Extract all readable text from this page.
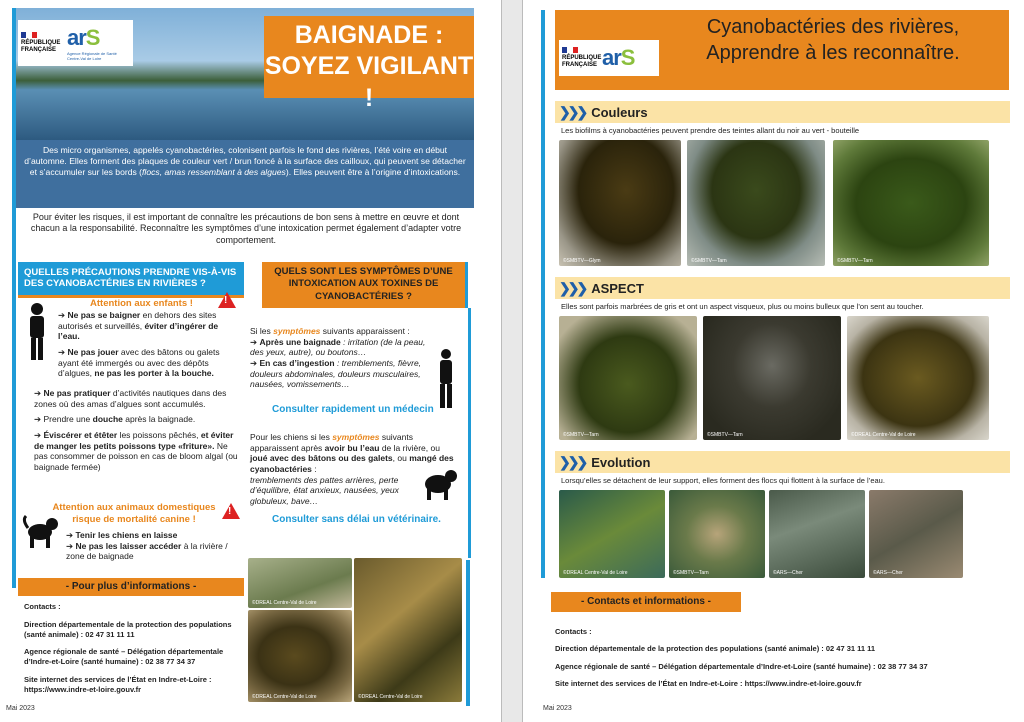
RÉPUBLIQUE FRANÇAISE arS
Agence Régionale de Santé Centre-Val de Loire
BAIGNADE :
SOYEZ VIGILANT !
Des micro organismes, appelés cyanobactéries, colonisent parfois le fond des rivières, l’été voire en début d’automne. Elles forment des plaques de couleur vert / brun foncé à la surface des cailloux, qui peuvent se détacher et s’accumuler sur les bords (flocs, amas ressemblant à des algues). Elles peuvent être à l’origine d’intoxications.
Pour éviter les risques, il est important de connaître les précautions de bon sens à mettre en œuvre et dont chacun a la responsabilité. Reconnaître les symptômes d’une intoxication permet également d’adapter votre comportement.
QUELLES PRÉCAUTIONS PRENDRE VIS-À-VIS DES CYANOBACTÉRIES EN RIVIÈRES ?
Attention aux enfants !
!
➔ Ne pas se baigner en dehors des sites autorisés et surveillés, éviter d’ingérer de l’eau.
➔ Ne pas jouer avec des bâtons ou galets ayant été immergés ou avec des dépôts d’algues, ne pas les porter à la bouche.
➔ Ne pas pratiquer d’activités nautiques dans des zones où des amas d’algues sont accumulés.
➔ Prendre une douche après la baignade.
➔ Éviscérer et étêter les poissons pêchés, et éviter de manger les petits poissons type «friture». Ne pas consommer de poisson en cas de bloom algal (ou baignade fermée)
Attention aux animaux domestiques risque de mortalité canine !
!
➔ Tenir les chiens en laisse
➔ Ne pas les laisser accéder à la rivière / zone de baignade
QUELS SONT LES SYMPTÔMES D’UNE INTOXICATION AUX TOXINES DE CYANOBACTÉRIES ?
Si les symptômes suivants apparaissent :
➔ Après une baignade : irritation (de la peau, des yeux, autre), ou boutons…
➔ En cas d’ingestion : tremblements, fièvre, douleurs abdominales, douleurs musculaires, nausées, vomissements…
Consulter rapidement un médecin
Pour les chiens si les symptômes suivants apparaissent après avoir bu l’eau de la rivière, ou joué avec des bâtons ou des galets, ou mangé des cyanobactéries :
tremblements des pattes arrières, perte d’équilibre, état anxieux, nausées, yeux globuleux, bave…
Consulter sans délai un vétérinaire.
- Pour plus d’informations -
Contacts :
Direction départementale de la protection des populations (santé animale) : 02 47 31 11 11
Agence régionale de santé – Délégation départementale d’Indre-et-Loire (santé humaine) : 02 38 77 34 37
Site internet des services de l’État en Indre-et-Loire : https://www.indre-et-loire.gouv.fr
©DREAL Centre-Val de Loire
©DREAL Centre-Val de Loire	©DREAL Centre-Val de Loire
Mai 2023
RÉPUBLIQUE FRANÇAISE arS
Cyanobactéries des rivières,
Apprendre à les reconnaître.
❯❯❯ Couleurs
Les biofilms à cyanobactéries peuvent prendre des teintes allant du noir au vert - bouteille
©SMBTV—Glym	©SMBTV—Tarn	©SMBTV—Tarn
❯❯❯ ASPECT
Elles sont parfois marbrées de gris et ont un aspect visqueux, plus ou moins bulleux que l’on sent au toucher.
©SMBTV—Tarn	©SMBTV—Tarn	©DREAL Centre-Val de Loire
❯❯❯ Evolution
Lorsqu’elles se détachent de leur support, elles forment des flocs qui flottent à la surface de l’eau.
©DREAL Centre-Val de Loire	©SMBTV—Tarn	©ARS—Cher	©ARS—Cher
- Contacts et informations -
Contacts :
Direction départementale de la protection des populations (santé animale) : 02 47 31 11 11
Agence régionale de santé – Délégation départementale d’Indre-et-Loire (santé humaine) : 02 38 77 34 37
Site internet des services de l’État en Indre-et-Loire : https://www.indre-et-loire.gouv.fr
Mai 2023
